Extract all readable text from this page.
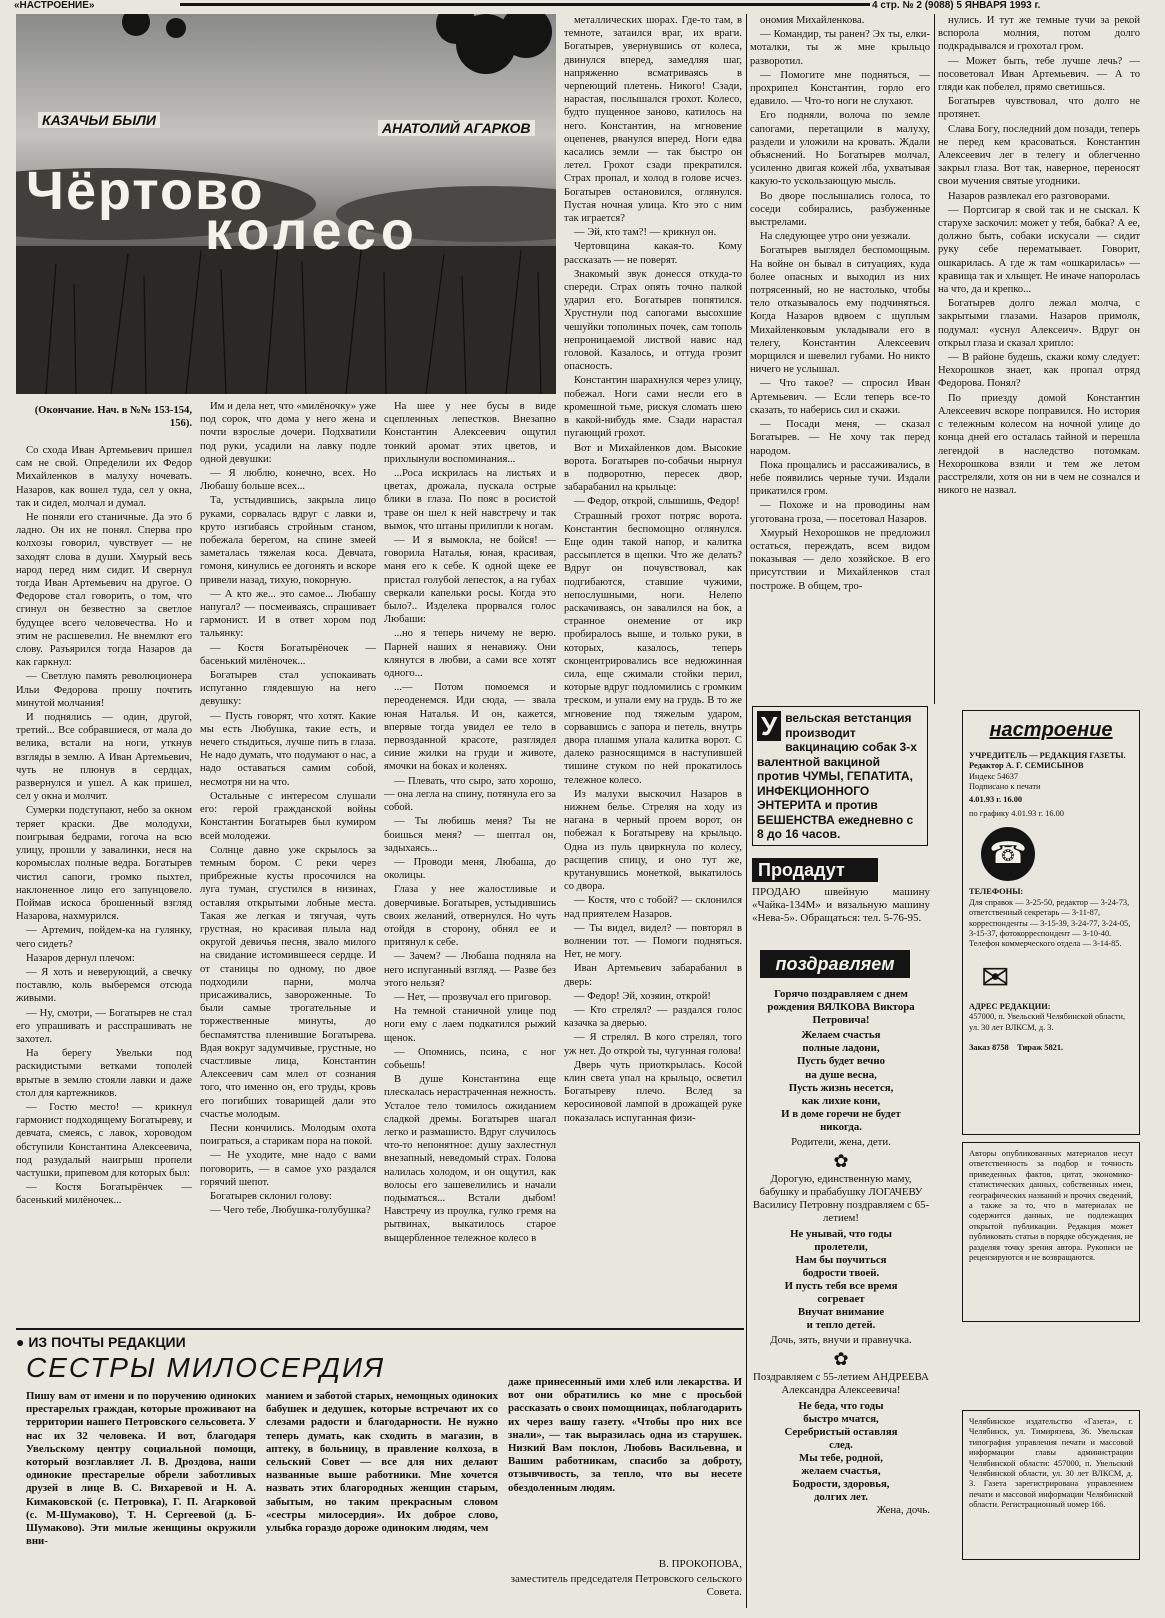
«НАСТРОЕНИЕ»	4 стр. № 2 (9088) 5 ЯНВАРЯ 1993 г.
КАЗАЧЬИ БЫЛИ	АНАТОЛИЙ АГАРКОВ
Чёртово
колесо
(Окончание. Нач. в №№ 153-154, 156).

Со схода Иван Артемьевич пришел сам не свой. Определили их Федор Михайленков в малуху ночевать. Назаров, как вошел туда, сел у окна, так и сидел, молчал и думал.

Не поняли его станичные. Да это б ладно. Он их не понял. Сперва про колхозы говорил, чувствует — не заходят слова в души. Хмурый весь народ перед ним сидит. И свернул тогда Иван Артемьевич на другое. О Федорове стал говорить, о том, что сгинул он безвестно за светлое будущее всего человечества. Но и этим не расшевелил. Не внемлют его слову. Разъярился тогда Назаров да как гаркнул:

— Светлую память революционера Ильи Федорова прошу почтить минутой молчания!

И поднялись — один, другой, третий... Все собравшиеся, от мала до велика, встали на ноги, уткнув взгляды в землю. А Иван Артемьевич, чуть не плюнув в сердцах, развернулся и ушел. А как пришел, сел у окна и молчит.

Сумерки подступают, небо за окном теряет краски. Две молодухи, поигрывая бедрами, гогоча на всю улицу, прошли у завалинки, неся на коромыслах полные ведра. Богатырев чистил сапоги, громко пыхтел, наклоненное лицо его запунцовело. Поймав искоса брошенный взгляд Назарова, нахмурился.

— Артемич, пойдем-ка на гулянку, чего сидеть?

Назаров дернул плечом:

— Я хоть и неверующий, а свечку поставлю, коль выберемся отсюда живыми.

— Ну, смотри, — Богатырев не стал его упрашивать и расспрашивать не захотел.

На берегу Увельки под раскидистыми ветками тополей врытые в землю стояли лавки и даже стол для картежников.

— Гостю место! — крикнул гармонист подходящему Богатыреву, и девчата, смеясь, с лавок, хороводом обступили Константина Алексеевича, под разудалый наигрыш пропели частушки, припевом для которых был:

— Костя Богатырёнчек — басенький милёночек...

Им и дела нет, что «милёночку» уже под сорок, что дома у него жена и почти взрослые дочери. Подхватили под руки, усадили на лавку подле одной девушки:

— Я люблю, конечно, всех. Но Любашу больше всех...

Та, устыдившись, закрыла лицо руками, сорвалась вдруг с лавки и, круто изгибаясь стройным станом, побежала берегом, на спине змеей заметалась тяжелая коса. Девчата, гомоня, кинулись ее догонять и вскоре привели назад, тихую, покорную.

— А кто же... это самое... Любашу напугал? — посмеиваясь, спрашивает гармонист. И в ответ хором под тальянку:

— Костя Богатырёночек — басенький милёночек...

Богатырев стал успокаивать испуганно глядевшую на него девушку:

— Пусть говорят, что хотят. Какие мы есть Любушка, такие есть, и нечего стыдиться, лучше пить в глаза. Не надо думать, что подумают о нас, а надо оставаться самим собой, несмотря ни на что.

Остальные с интересом слушали его: герой гражданской войны Константин Богатырев был кумиром всей молодежи.

Солнце давно уже скрылось за темным бором. С реки через прибрежные кусты просочился на луга туман, сгустился в низинах, оставляя открытыми лобные места. Такая же легкая и тягучая, чуть грустная, но красивая плыла над округой девичья песня, звало милого на свидание истомившееся сердце. И от станицы по одному, по двое подходили парни, молча присаживались, завороженные. То были самые трогательные и торжественные минуты, до беспамятства пленившие Богатырева. Вдая вокруг задумчивые, грустные, но счастливые лица, Константин Алексеевич сам млел от сознания того, что именно он, его труды, кровь его погибших товарищей дали это счастье молодым.

Песни кончились. Молодым охота поиграться, а старикам пора на покой.

— Не уходите, мне надо с вами поговорить, — в самое ухо раздался горячий шепот.

Богатырев склонил голову:

— Чего тебе, Любушка-голубушка?

На шее у нее бусы в виде сцепленных лепестков. Внезапно Константин Алексеевич ощутил тонкий аромат этих цветов, и прихлынули воспоминания...

...Роса искрилась на листьях и цветах, дрожала, пускала острые блики в глаза. По пояс в росистой траве он шел к ней навстречу и так вымок, что штаны прилипли к ногам.

— И я вымокла, не бойся! — говорила Наталья, юная, красивая, маня его к себе. К одной щеке ее пристал голубой лепесток, а на губах сверкали капельки росы. Когда это было?.. Изделека прорвался голос Любаши:

...но я теперь ничему не верю. Парней наших я ненавижу. Они клянутся в любви, а сами все хотят одного...

...— Потом помоемся и переоденемся. Иди сюда, — звала юная Наталья. И он, кажется, впервые тогда увидел ее тело в первозданной красоте, разглядел синие жилки на груди и животе, ямочки на боках и коленях.

— Плевать, что сыро, зато хорошо, — она легла на спину, потянула его за собой.

— Ты любишь меня? Ты не боишься меня? — шептал он, задыхаясь...

— Проводи меня, Любаша, до околицы.

Глаза у нее жалостливые и доверчивые. Богатырев, устыдившись своих желаний, отвернулся. Но чуть отойдя в сторону, обнял ее и притянул к себе.

— Зачем? — Любаша подняла на него испуганный взгляд. — Разве без этого нельзя?

— Нет, — прозвучал его приговор.

На темной станичной улице под ноги ему с лаем подкатился рыжий щенок.

— Опомнись, псина, с ног собьешь!

В душе Константина еще плескалась нерастраченная нежность. Усталое тело томилось ожиданием сладкой дремы. Богатырев шагал легко и размашисто. Вдруг случилось что-то непонятное: душу захлестнул внезапный, неведомый страх. Голова налилась холодом, и он ощутил, как волосы его зашевелились и начали подыматься... Встали дыбом! Навстречу из проулка, гулко гремя на рытвинах, выкатилось старое выщербленное тележное колесо в

металлических шорах. Где-то там, в темноте, затаился враг, их враги. Богатырев, увернувшись от колеса, двинулся вперед, замедляя шаг, напряженно всматриваясь в черneющий плетень. Никого! Сзади, нарастая, послышался грохот. Колесо, будто пущенное заново, катилось на него. Константин, на мгновение оцепенев, рванулся вперед. Ноги едва касались земли — так быстро он летел. Грохот сзади прекратился. Страх пропал, и холод в голове исчез. Богатырев остановился, оглянулся. Пустая ночная улица. Кто это с ним так играется?

— Эй, кто там?! — крикнул он.

Чертовщина какая-то. Кому рассказать — не поверят.

Знакомый звук донесся откуда-то спереди. Страх опять точно палкой ударил его. Богатырев попятился. Хрустнули под сапогами высохшие чешуйки тополиных почек, сам тополь непроницаемой листвой навис над головой. Казалось, и оттуда грозит опасность.

Константин шарахнулся через улицу, побежал. Ноги сами несли его в кромешной тьме, рискуя сломать шею в какой-нибудь яме. Сзади нарастал пугающий грохот.

Вот и Михайленков дом. Высокие ворота. Богатырев по-собачьи нырнул в подворотню, пересек двор, забарабанил на крыльце:

— Федор, открой, слышишь, Федор!

Страшный грохот потряс ворота. Константин беспомощно оглянулся. Еще один такой напор, и калитка рассыплется в щепки. Что же делать? Вдруг он почувствовал, как подгибаются, ставшие чужими, непослушными, ноги. Нелепо раскачиваясь, он завалился на бок, а странное онемение от икр пробиралось выше, и только руки, в которых, казалось, теперь сконцентрировались все недюжинная сила, еще сжимали стойки перил, которые вдруг подломились с громким треском, и упали ему на грудь. В то же мгновение под тяжелым ударом, сорвавшись с запора и петель, внутрь двора плашмя упала калитка ворот. С далеко разносящимся в наступившей тишине стуком по ней прокатилось тележное колесо.

Из малухи выскочил Назаров в нижнем белье. Стреляя на ходу из нагана в черный проем ворот, он побежал к Богатыреву на крыльцо. Одна из пуль цвиркнула по колесу, расщепив спицу, и оно тут же, крутанувшись монеткой, выкатилось со двора.

— Костя, что с тобой? — склонился над приятелем Назаров.

— Ты видел, видел? — повторял в волнении тот. — Помоги подняться. Нет, не могу.

Иван Артемьевич забарабанил в дверь:

— Федор! Эй, хозяин, открой!

— Кто стрелял? — раздался голос казачка за дверью.

— Я стрелял. В кого стрелял, того уж нет. До откроѝ ты, чугунная голова!

Дверь чуть приоткрылась. Косой клин света упал на крыльцо, осветил Богатыреву плечо. Вслед за керосиновой лампой в дрожащей руке показалась испуганная физи-

ономия Михайленкова.

— Командир, ты ранен? Эх ты, елки-моталки, ты ж мне крыльцо разворотил.

— Помогите мне подняться, — прохрипел Константин, горло его едавило. — Что-то ноги не слухают.

Его подняли, волоча по земле сапогами, перетащили в малуху, раздели и уложили на кровать. Ждали объяснений. Но Богатырев молчал, усиленно двигая кожей лба, ухватывая какую-то ускользающую мысль.

Во дворе послышались голоса, то соседи собирались, разбуженные выстрелами.

На следующее утро они уезжали.

Богатырев выглядел беспомощным. На войне он бывал в ситуациях, куда более опасных и выходил из них потрясенный, но не настолько, чтобы тело отказывалось ему подчиняться. Когда Назаров вдвоем с щуплым Михайленковым укладывали его в телегу, Константин Алексеевич морщился и шевелил губами. Но никто ничего не услышал.

— Что такое? — спросил Иван Артемьевич. — Если теперь все-то сказать, то наберись сил и скажи.

— Посади меня, — сказал Богатырев. — Не хочу так перед народом.

Пока прощались и рассаживались, в небе появились черные тучи. Издали прикатился гром.

— Похоже и на проводины нам уготована гроза, — посетовал Назаров.

Хмурый Нехорошков не предложил остаться, переждать, всем видом показывая — дело хозяйское. В его присутствии и Михайленков стал построже. В общем, тро-

нулись. И тут же темные тучи за рекой вспорола молния, потом долго подкрадывался и грохотал гром.

— Может быть, тебе лучше лечь? — посоветовал Иван Артемьевич. — А то гляди как побелел, прямо светишься.

Богатырев чувствовал, что долго не протянет.

Слава Богу, последний дом позади, теперь не перед кем красоваться. Константин Алексеевич лег в телегу и облегченно закрыл глаза. Вот так, наверное, переносят свои мучения святые угодники.

Назаров развлекал его разговорами.

— Портсигар я свой так и не сыскал. К старухе заскочил: может у тебя, бабка? А ее, должно быть, собаки искусали — сидит руку себе перематывает. Говорит, ошкарилась. А где ж там «ошкарилась» — кравища так и хлыщет. Не иначе напоролась на что, да и крепко...

Богатырев долго лежал молча, с закрытыми глазами. Назаров примолк, подумал: «уснул Алексеич». Вдруг он открыл глаза и сказал хрипло:

— В районе будешь, скажи кому следует: Нехорошков знает, как пропал отряд Федорова. Понял?

По приезду домой Константин Алексеевич вскоре поправился. Но история с тележным колесом на ночной улице до конца дней его осталась тайной и перешла легендой в наследство потомкам. Нехорошкова взяли и тем же летом расстреляли, хотя он ни в чем не сознался и никого не назвал.

У вельская ветстанция производит вакцинацию собак 3-х валентной вакциной против ЧУМЫ, ГЕПАТИТА, ИНФЕКЦИОННОГО ЭНТЕРИТА и против БЕШЕНСТВА ежедневно с 8 до 16 часов.
Продадут
ПРОДАЮ швейную машину «Чайка-134М» и вязальную машину «Нева-5». Обращаться: тел. 5-76-95.
поздравляем
Горячо поздравляем с днем рождения ВЯЛКОВА Виктора Петровича!
Желаем счастья
полные ладони,
Пусть будет вечно
на душе весна,
Пусть жизнь несется,
как лихие кони,
И в доме горечи не будет
никогда.
Родители, жена, дети.
✿
Дорогую, единственную маму, бабушку и прабабушку ЛОГАЧЕВУ Василису Петровну поздравляем с 65-летием!
Не унывай, что годы
пролетели,
Нам бы поучиться
бодрости твоей.
И пусть тебя все время
согревает
Внучат внимание
и тепло детей.
Дочь, зять, внучи и правнучка.
✿
Поздравляем с 55-летием АНДРЕЕВА Александра Алексеевича!
Не беда, что годы
быстро мчатся,
Серебристый оставляя
след.
Мы тебе, родной,
желаем счастья,
Бодрости, здоровья,
долгих лет.
Жена, дочь.
настроение
УЧРЕДИТЕЛЬ — РЕДАКЦИЯ ГАЗЕТЫ. Редактор А. Г. СЕМИСЫНОВ
Индекс 54637
Подписано к печати
4.01.93 г. 16.00
по графику 4.01.93 г. 16.00
☎
ТЕЛЕФОНЫ:
Для справок — 3-25-50, редактор — 3-24-73, ответственный секретарь — 3-11-87, корреспонденты — 3-15-39, 3-24-77, 3-24-05, 3-15-37, фотокорреспондент — 3-10-40. Телефон коммерческого отдела — 3-14-85.
✉
АДРЕС РЕДАКЦИИ:
457000, п. Увельский Челябинской области, ул. 30 лет ВЛКСМ, д. 3.
Заказ 8758 Тираж 5821.
Авторы опубликованных материалов несут ответственность за подбор и точность приведенных фактов, цитат, экономико-статистических данных, собственных имен, географических названий и прочих сведений, а также за то, что в материалах не содержится данных, не подлежащих открытой публикации. Редакция может публиковать статьи в порядке обсуждения, не разделяя точку зрения автора. Рукописи не рецензируются и не возвращаются.
Челябинское издательство «Газета», г. Челябинск, ул. Тимирязева, 36. Увельская типография управления печати и массовой информации главы администрации Челябинской области: 457000, п. Увельский Челябинской области, ул. 30 лет ВЛКСМ, д. 3. Газета зарегистрирована управлением печати и массовой информации Челябинской области. Регистрационный номер 166.
● ИЗ ПОЧТЫ РЕДАКЦИИ
СЕСТРЫ МИЛОСЕРДИЯ
Пишу вам от имени и по поручению одиноких престарелых граждан, которые проживают на территории нашего Петровского сельсовета. У нас их 32 человека. И вот, благодаря Увельскому центру социальной помощи, который возглавляет Л. В. Дроздова, наши одинокие престарелые обрели заботливых друзей в лице В. С. Вихаревой и Н. А. Кимаковской (с. Петровка), Г. П. Агарковой (с. М-Шумаково), Т. Н. Сергеевой (д. Б-Шумаково). Эти милые женщины окружили вни-
манием и заботой старых, немощных одиноких бабушек и дедушек, которые встречают их со слезами радости и благодарности. Не нужно теперь думать, как сходить в магазин, в аптеку, в больницу, в правление колхоза, в сельский Совет — все для них делают названные выше работники. Мне хочется назвать этих благородных женщин старым, забытым, но таким прекрасным словом «сестры милосердия». Их доброе слово, улыбка гораздо дороже одиноким людям, чем
даже принесенный ими хлеб или лекарства. И вот они обратились ко мне с просьбой рассказать о своих помощницах, поблагодарить их через вашу газету. «Чтобы про них все знали», — так выразилась одна из старушек. Низкий Вам поклон, Любовь Васильевна, и Вашим работникам, спасибо за доброту, отзывчивость, за тепло, что вы несете обездоленным людям.
В. ПРОКОПОВА,
заместитель председателя Петровского сельского Совета.
